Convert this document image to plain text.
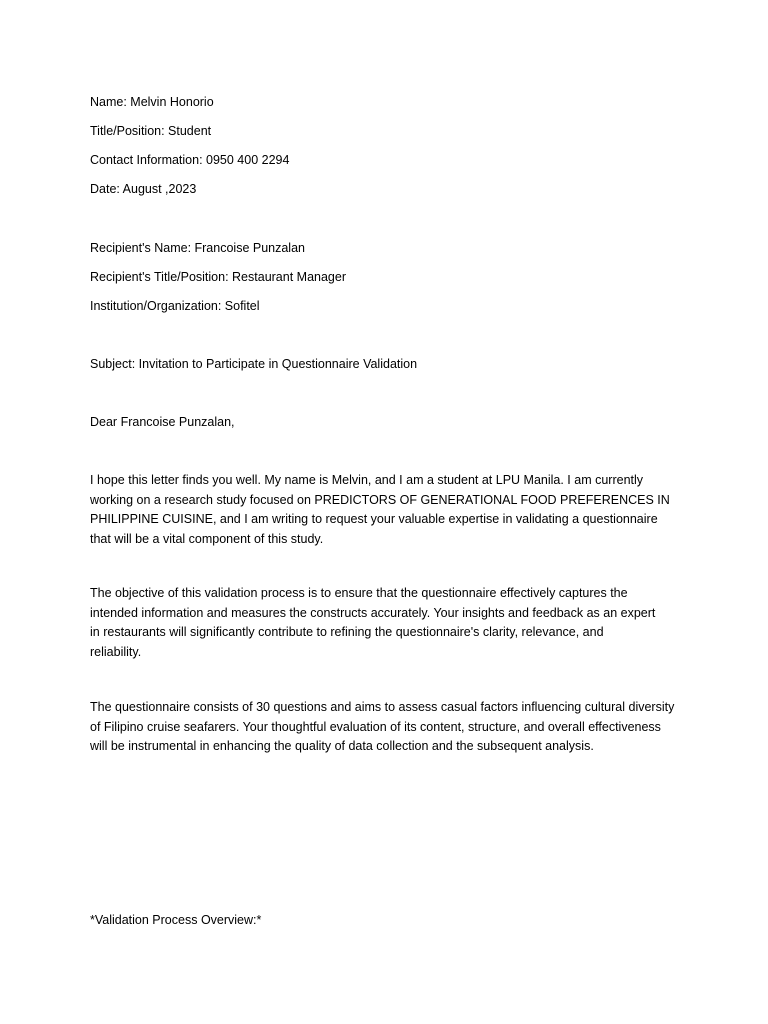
Name: Melvin Honorio
Title/Position: Student
Contact Information: 0950 400 2294
Date: August ,2023
Recipient's Name: Francoise Punzalan
Recipient's Title/Position: Restaurant Manager
Institution/Organization: Sofitel
Subject: Invitation to Participate in Questionnaire Validation
Dear Francoise Punzalan,

I hope this letter finds you well. My name is Melvin, and I am a student at LPU Manila. I am currently

working on a research study focused on PREDICTORS OF GENERATIONAL FOOD PREFERENCES IN

PHILIPPINE CUISINE, and I am writing to request your valuable expertise in validating a questionnaire

that will be a vital component of this study.

The objective of this validation process is to ensure that the questionnaire effectively captures the

intended information and measures the constructs accurately. Your insights and feedback as an expert

in restaurants will significantly contribute to refining the questionnaire's clarity, relevance, and

reliability.

The questionnaire consists of 30 questions and aims to assess casual factors influencing cultural diversity

of Filipino cruise seafarers. Your thoughtful evaluation of its content, structure, and overall effectiveness

will be instrumental in enhancing the quality of data collection and the subsequent analysis.

*Validation Process Overview:*
